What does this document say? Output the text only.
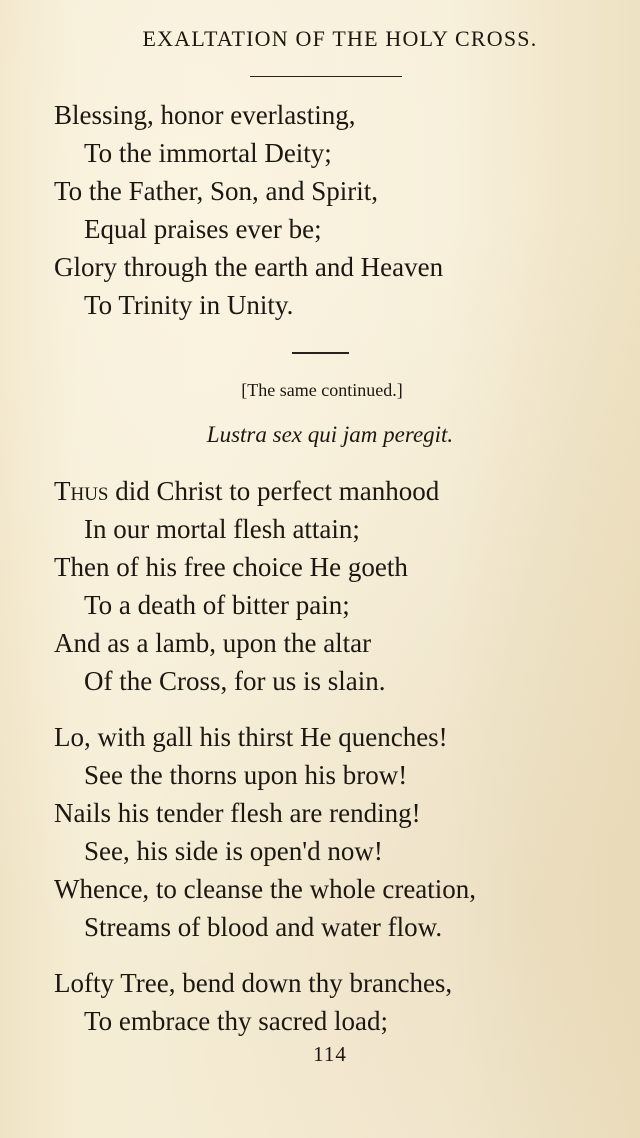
EXALTATION OF THE HOLY CROSS.
Blessing, honor everlasting,
To the immortal Deity;
To the Father, Son, and Spirit,
Equal praises ever be;
Glory through the earth and Heaven
To Trinity in Unity.
[The same continued.]
Lustra sex qui jam peregit.
Thus did Christ to perfect manhood
In our mortal flesh attain;
Then of his free choice He goeth
To a death of bitter pain;
And as a lamb, upon the altar
Of the Cross, for us is slain.
Lo, with gall his thirst He quenches!
See the thorns upon his brow!
Nails his tender flesh are rending!
See, his side is open'd now!
Whence, to cleanse the whole creation,
Streams of blood and water flow.
Lofty Tree, bend down thy branches,
To embrace thy sacred load;
114
